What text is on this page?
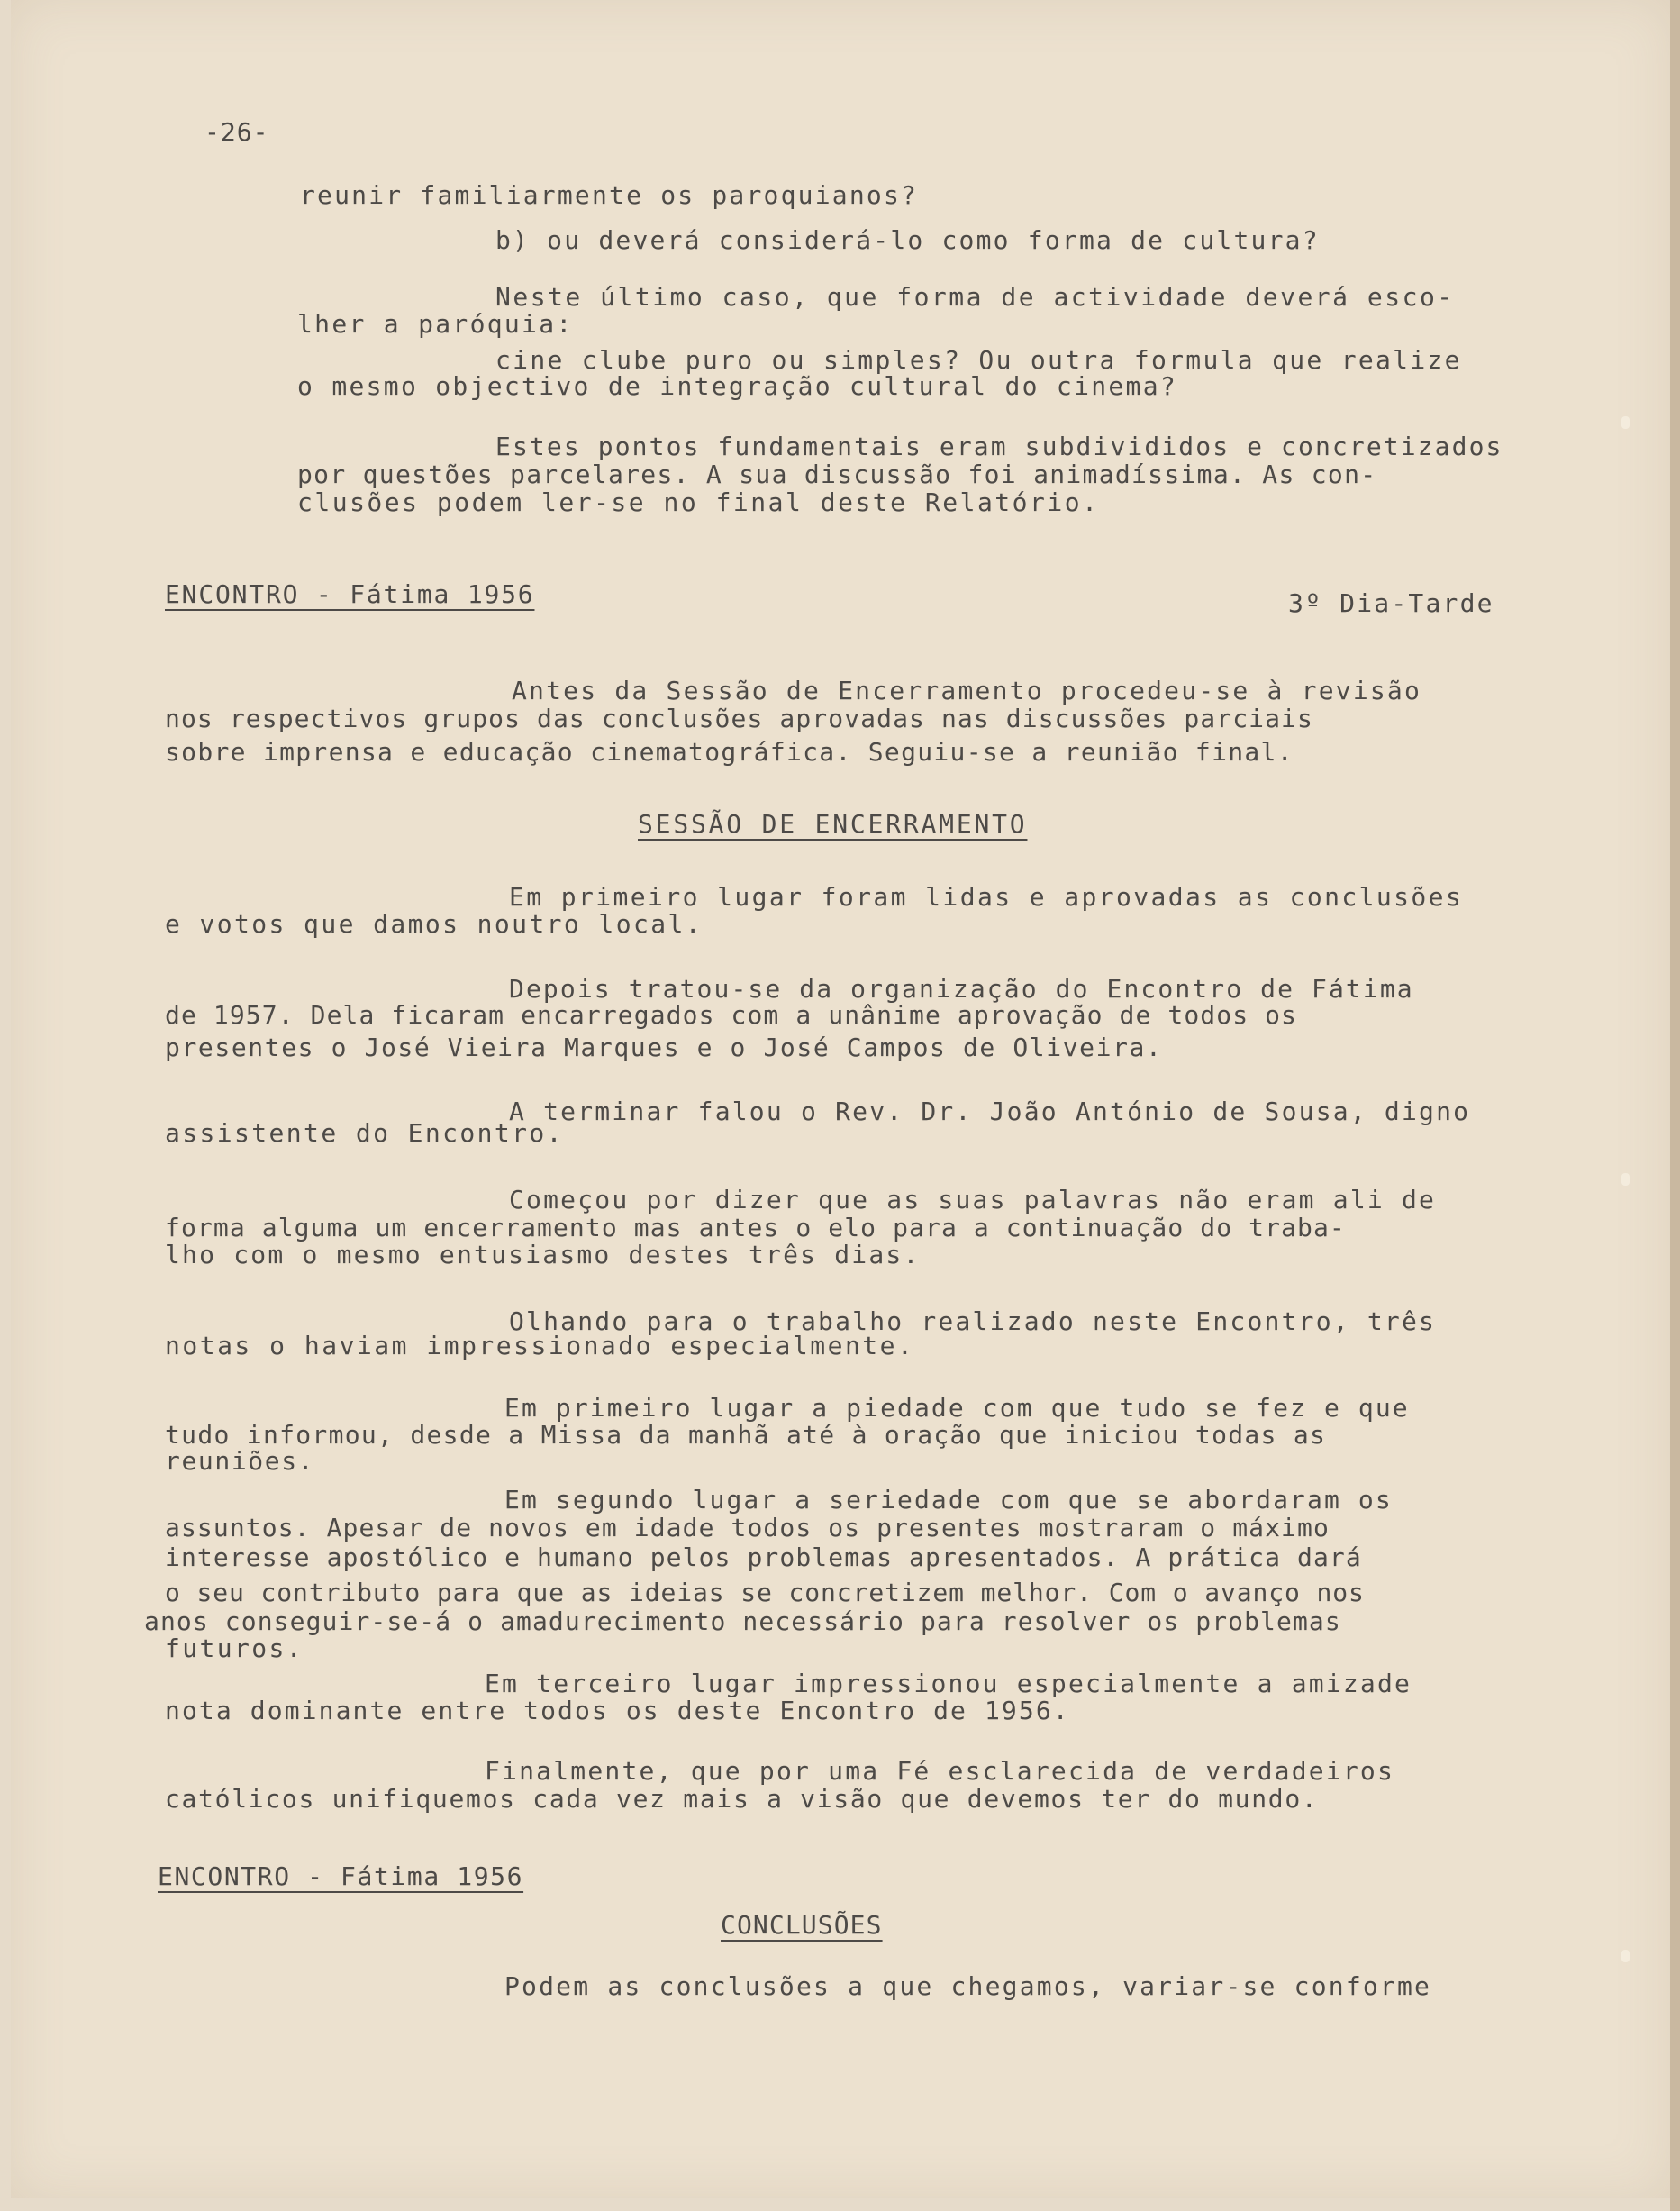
-26-
reunir familiarmente os paroquianos?
b) ou deverá considerá-lo como forma de cultura?
Neste último caso, que forma de actividade deverá esco-
lher a paróquia:
cine clube puro ou simples? Ou outra formula que realize
o mesmo objectivo de integração cultural do cinema?
Estes pontos fundamentais eram subdivididos e concretizados
por questões parcelares. A sua discussão foi animadíssima. As con-
clusões podem ler-se no final deste Relatório.
ENCONTRO - Fátima 1956	3º Dia-Tarde
Antes da Sessão de Encerramento procedeu-se à revisão
nos respectivos grupos das conclusões aprovadas nas discussões parciais
sobre imprensa e educação cinematográfica. Seguiu-se a reunião final.
SESSÃO DE ENCERRAMENTO
Em primeiro lugar foram lidas e aprovadas as conclusões
e votos que damos noutro local.
Depois tratou-se da organização do Encontro de Fátima
de 1957. Dela ficaram encarregados com a unânime aprovação de todos os
presentes o José Vieira Marques e o José Campos de Oliveira.
A terminar falou o Rev. Dr. João António de Sousa, digno
assistente do Encontro.
Começou por dizer que as suas palavras não eram ali de
forma alguma um encerramento mas antes o elo para a continuação do traba-
lho com o mesmo entusiasmo destes três dias.
Olhando para o trabalho realizado neste Encontro, três
notas o haviam impressionado especialmente.
Em primeiro lugar a piedade com que tudo se fez e que
tudo informou, desde a Missa da manhã até à oração que iniciou todas as
reuniões.
Em segundo lugar a seriedade com que se abordaram os
assuntos. Apesar de novos em idade todos os presentes mostraram o máximo
interesse apostólico e humano pelos problemas apresentados. A prática dará
o seu contributo para que as ideias se concretizem melhor. Com o avanço nos
anos conseguir-se-á o amadurecimento necessário para resolver os problemas
futuros.
Em terceiro lugar impressionou especialmente a amizade
nota dominante entre todos os deste Encontro de 1956.
Finalmente, que por uma Fé esclarecida de verdadeiros
católicos unifiquemos cada vez mais a visão que devemos ter do mundo.
ENCONTRO - Fátima 1956
CONCLUSÕES
Podem as conclusões a que chegamos, variar-se conforme
